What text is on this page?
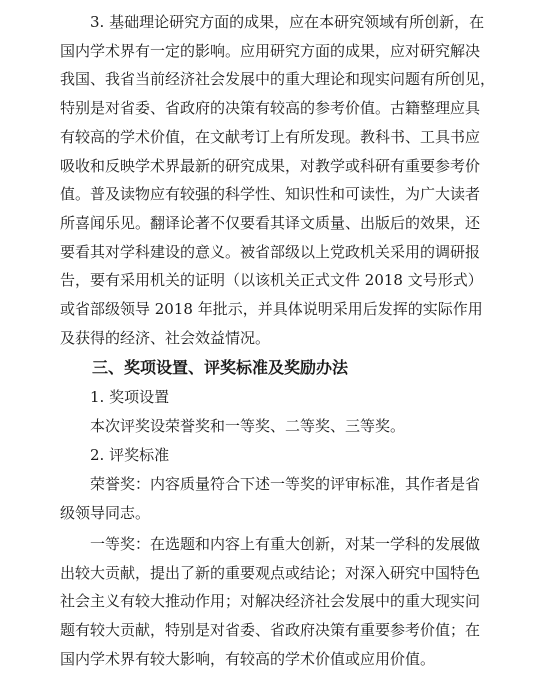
　　3. 基础理论研究方面的成果，应在本研究领域有所创新，在
国内学术界有一定的影响。应用研究方面的成果，应对研究解决
我国、我省当前经济社会发展中的重大理论和现实问题有所创见，
特别是对省委、省政府的决策有较高的参考价值。古籍整理应具
有较高的学术价值，在文献考订上有所发现。教科书、工具书应
吸收和反映学术界最新的研究成果，对教学或科研有重要参考价
值。普及读物应有较强的科学性、知识性和可读性，为广大读者
所喜闻乐见。翻译论著不仅要看其译文质量、出版后的效果，还
要看其对学科建设的意义。被省部级以上党政机关采用的调研报
告，要有采用机关的证明（以该机关正式文件 2018 文号形式）
或省部级领导 2018 年批示，并具体说明采用后发挥的实际作用
及获得的经济、社会效益情况。
　　三、奖项设置、评奖标准及奖励办法
　　1. 奖项设置
　　本次评奖设荣誉奖和一等奖、二等奖、三等奖。
　　2. 评奖标准
　　荣誉奖：内容质量符合下述一等奖的评审标准，其作者是省
级领导同志。
　　一等奖：在选题和内容上有重大创新，对某一学科的发展做
出较大贡献，提出了新的重要观点或结论；对深入研究中国特色
社会主义有较大推动作用；对解决经济社会发展中的重大现实问
题有较大贡献，特别是对省委、省政府决策有重要参考价值；在
国内学术界有较大影响，有较高的学术价值或应用价值。
